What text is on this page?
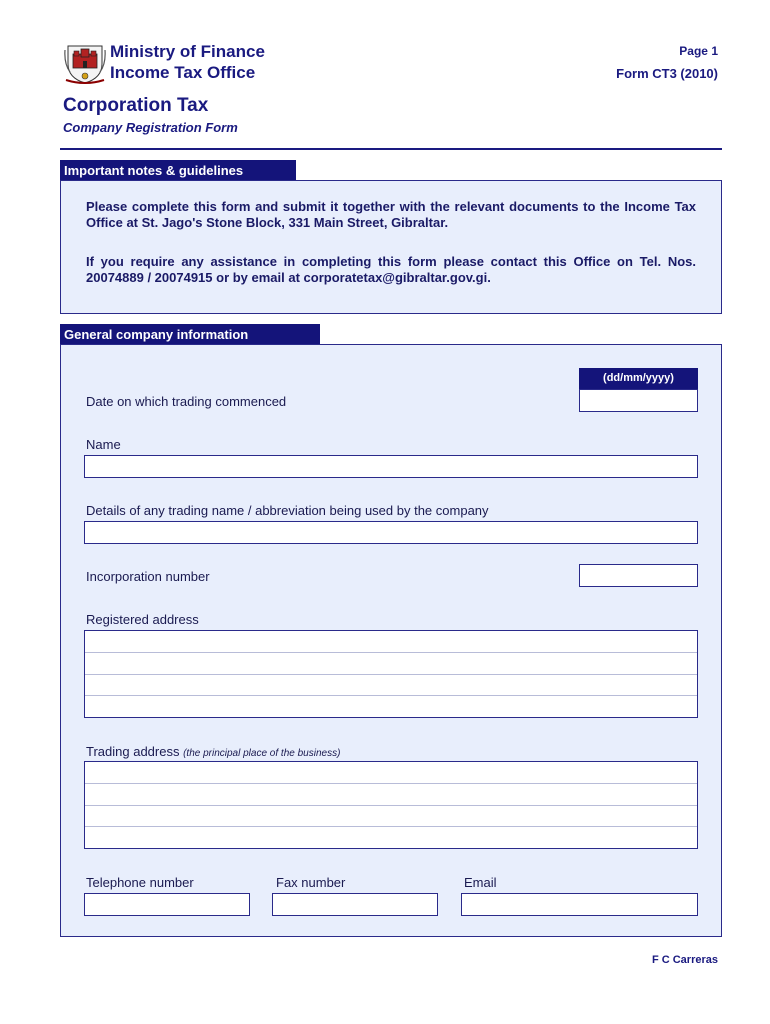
Ministry of Finance
Income Tax Office
Page 1
Form CT3 (2010)
Corporation Tax
Company Registration Form
Important notes & guidelines
Please complete this form and submit it together with the relevant documents to the Income Tax Office at St. Jago's Stone Block, 331 Main Street, Gibraltar.
If you require any assistance in completing this form please contact this Office on Tel. Nos. 20074889 / 20074915 or by email at corporatetax@gibraltar.gov.gi.
General company information
(dd/mm/yyyy)
Date on which trading commenced
Name
Details of any trading name / abbreviation being used by the company
Incorporation number
Registered address
Trading address (the principal place of the business)
Telephone number	Fax number	Email
F C Carreras
